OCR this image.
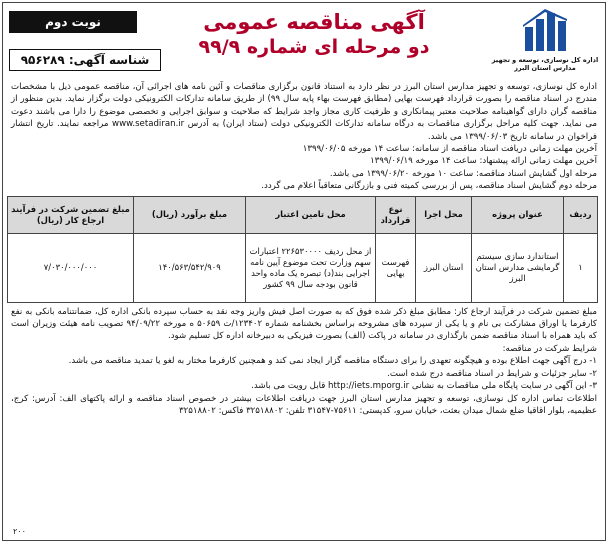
اداره کل نوسازی، توسعه و تجهیز مدارس استان البرز
آگهی مناقصه عمومی
دو مرحله ای شماره ۹۹/۹
نوبت دوم
شناسه آگهی: ۹۵۶۲۸۹

اداره کل نوسازی، توسعه و تجهیز مدارس استان البرز در نظر دارد به استناد قانون برگزاری مناقصات و آئین نامه های اجرائی آن، مناقصه عمومی ذیل با مشخصات مندرج در اسناد مناقصه را بصورت قرارداد فهرست بهایی (مطابق فهرست بهاء پایه سال ۹۹) از طریق سامانه تدارکات الکترونیکی دولت برگزار نماید. بدین منظور از مناقصه گران دارای گواهینامه صلاحیت معتبر پیمانکاری و ظرفیت کاری مجاز واجد شرایط که صلاحیت و سوابق اجرایی و تخصصی موضوع را دارا می باشند دعوت می نماید. جهت کلیه مراحل برگزاری مناقصات به درگاه سامانه تدارکات الکترونیکی دولت (ستاد ایران) به آدرس www.setadiran.ir مراجعه نمایند. تاریخ انتشار فراخوان در سامانه تاریخ ۱۳۹۹/۰۶/۰۳ می باشد.

آخرین مهلت زمانی دریافت اسناد مناقصه از سامانه: ساعت ۱۴ مورخه ۱۳۹۹/۰۶/۰۵

آخرین مهلت زمانی ارائه پیشنهاد: ساعت ۱۴ مورخه ۱۳۹۹/۰۶/۱۹

مرحله اول گشایش اسناد مناقصه: ساعت ۱۰ مورخه ۱۳۹۹/۰۶/۲۰ می باشد.

مرحله دوم گشایش اسناد مناقصه، پس از بررسی کمیته فنی و بازرگانی متعاقباً اعلام می گردد.

ردیف	عنوان پروژه	محل اجرا	نوع قرارداد	محل تامین اعتبار	مبلغ برآورد (ریال)	مبلغ تضمین شرکت در فرآیند ارجاع کار (ریال)
۱	استاندارد سازی سیستم گرمایشی مدارس استان البرز	استان البرز	فهرست بهایی	از محل ردیف ۲۲۶۵۳۰۰۰۰ اعتبارات سهم وزارت تحت موضوع آیین نامه اجرایی بند(د) تبصره یک ماده واحد قانون بودجه سال ۹۹ کشور	۱۴۰/۵۶۳/۵۴۲/۹۰۹	۷/۰۳۰/۰۰۰/۰۰۰

مبلغ تضمین شرکت در فرآیند ارجاع کار: مطابق مبلغ ذکر شده فوق که به صورت اصل فیش واریز وجه نقد به حساب سپرده بانکی اداره کل، ضمانتنامه بانکی به نفع کارفرما یا اوراق مشارکت بی نام و یا یکی از سپرده های مشروحه براساس بخشنامه شماره ۱۲۳۴۰۲/ت ۵۰۶۵۹ ه مورخه ۹۴/۰۹/۲۲ تصویب نامه هیئت وزیران است که باید همراه با اسناد مناقصه ضمن بارگذاری در سامانه در پاکت (الف) بصورت فیزیکی به دبیرخانه اداره کل تسلیم شود.

شرایط شرکت در مناقصه:

۱- درج آگهی جهت اطلاع بوده و هیچگونه تعهدی را برای دستگاه مناقصه گزار ایجاد نمی کند و همچنین کارفرما مختار به لغو یا تمدید مناقصه می باشد.

۲- سایر جزئیات و شرایط در اسناد مناقصه درج شده است.

۳- این آگهی در سایت پایگاه ملی مناقصات به نشانی http://iets.mporg.ir قابل رویت می باشد.

اطلاعات تماس اداره کل نوسازی، توسعه و تجهیز مدارس استان البرز جهت دریافت اطلاعات بیشتر در خصوص اسناد مناقصه و ارائه پاکتهای الف: آدرس: کرج، عظیمیه، بلوار اقاقیا ضلع شمال میدان بعثت، خیابان سرو، کدپستی: ۷۵۶۱۱-۳۱۵۴۷ تلفن: ۳۲۵۱۸۸۰۲ فاکس: ۳۲۵۱۸۸۰۲

۲۰۰
